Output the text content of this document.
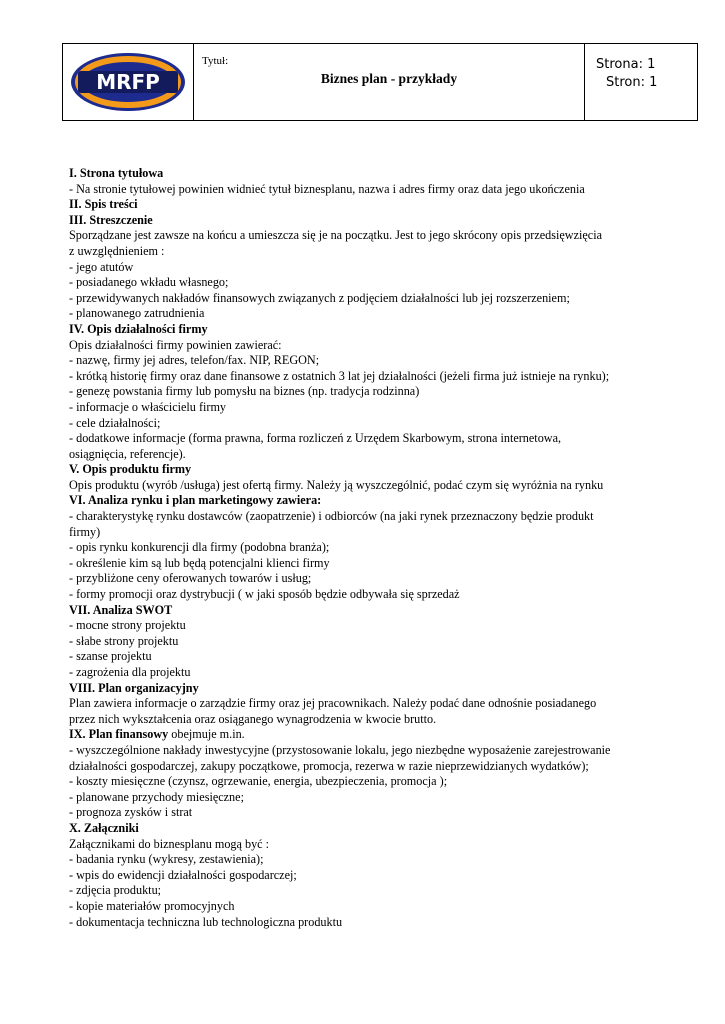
MRFP
Tytuł:
Biznes plan - przykłady
Strona: 1
Stron: 1
I. Strona tytułowa
- Na stronie tytułowej powinien widnieć tytuł biznesplanu, nazwa i adres firmy oraz data jego ukończenia
II. Spis treści
III. Streszczenie
Sporządzane jest zawsze na końcu a umieszcza się je na początku. Jest to jego skrócony opis przedsięwzięcia
z uwzględnieniem :
- jego atutów
- posiadanego wkładu własnego;
- przewidywanych nakładów finansowych związanych z podjęciem działalności lub jej rozszerzeniem;
- planowanego zatrudnienia
IV. Opis działalności firmy
Opis działalności firmy powinien zawierać:
- nazwę, firmy jej adres, telefon/fax. NIP, REGON;
- krótką historię firmy oraz dane finansowe z ostatnich 3 lat jej działalności (jeżeli firma już istnieje na rynku);
- genezę powstania firmy lub pomysłu na biznes (np. tradycja rodzinna)
- informacje o właścicielu firmy
- cele działalności;
- dodatkowe informacje (forma prawna, forma rozliczeń z Urzędem Skarbowym, strona internetowa,
osiągnięcia, referencje).
V. Opis produktu firmy
Opis produktu (wyrób /usługa) jest ofertą firmy. Należy ją wyszczególnić, podać czym się wyróżnia na rynku
VI. Analiza rynku i plan marketingowy zawiera:
- charakterystykę rynku dostawców (zaopatrzenie) i odbiorców (na jaki rynek przeznaczony będzie produkt
firmy)
- opis rynku konkurencji dla firmy (podobna branża);
- określenie kim są lub będą potencjalni klienci firmy
- przybliżone ceny oferowanych towarów i usług;
- formy promocji oraz dystrybucji ( w jaki sposób będzie odbywała się sprzedaż
VII. Analiza SWOT
- mocne strony projektu
- słabe strony projektu
- szanse projektu
- zagrożenia dla projektu
VIII. Plan organizacyjny
Plan zawiera informacje o zarządzie firmy oraz jej pracownikach. Należy podać dane odnośnie posiadanego
przez nich wykształcenia oraz osiąganego wynagrodzenia w kwocie brutto.
IX. Plan finansowy obejmuje m.in.
- wyszczególnione nakłady inwestycyjne (przystosowanie lokalu, jego niezbędne wyposażenie zarejestrowanie
działalności gospodarczej, zakupy początkowe, promocja, rezerwa w razie nieprzewidzianych wydatków);
- koszty miesięczne (czynsz, ogrzewanie, energia, ubezpieczenia, promocja );
- planowane przychody miesięczne;
- prognoza zysków i strat
X. Załączniki
Załącznikami do biznesplanu mogą być :
- badania rynku (wykresy, zestawienia);
- wpis do ewidencji działalności gospodarczej;
- zdjęcia produktu;
- kopie materiałów promocyjnych
- dokumentacja techniczna lub technologiczna produktu
